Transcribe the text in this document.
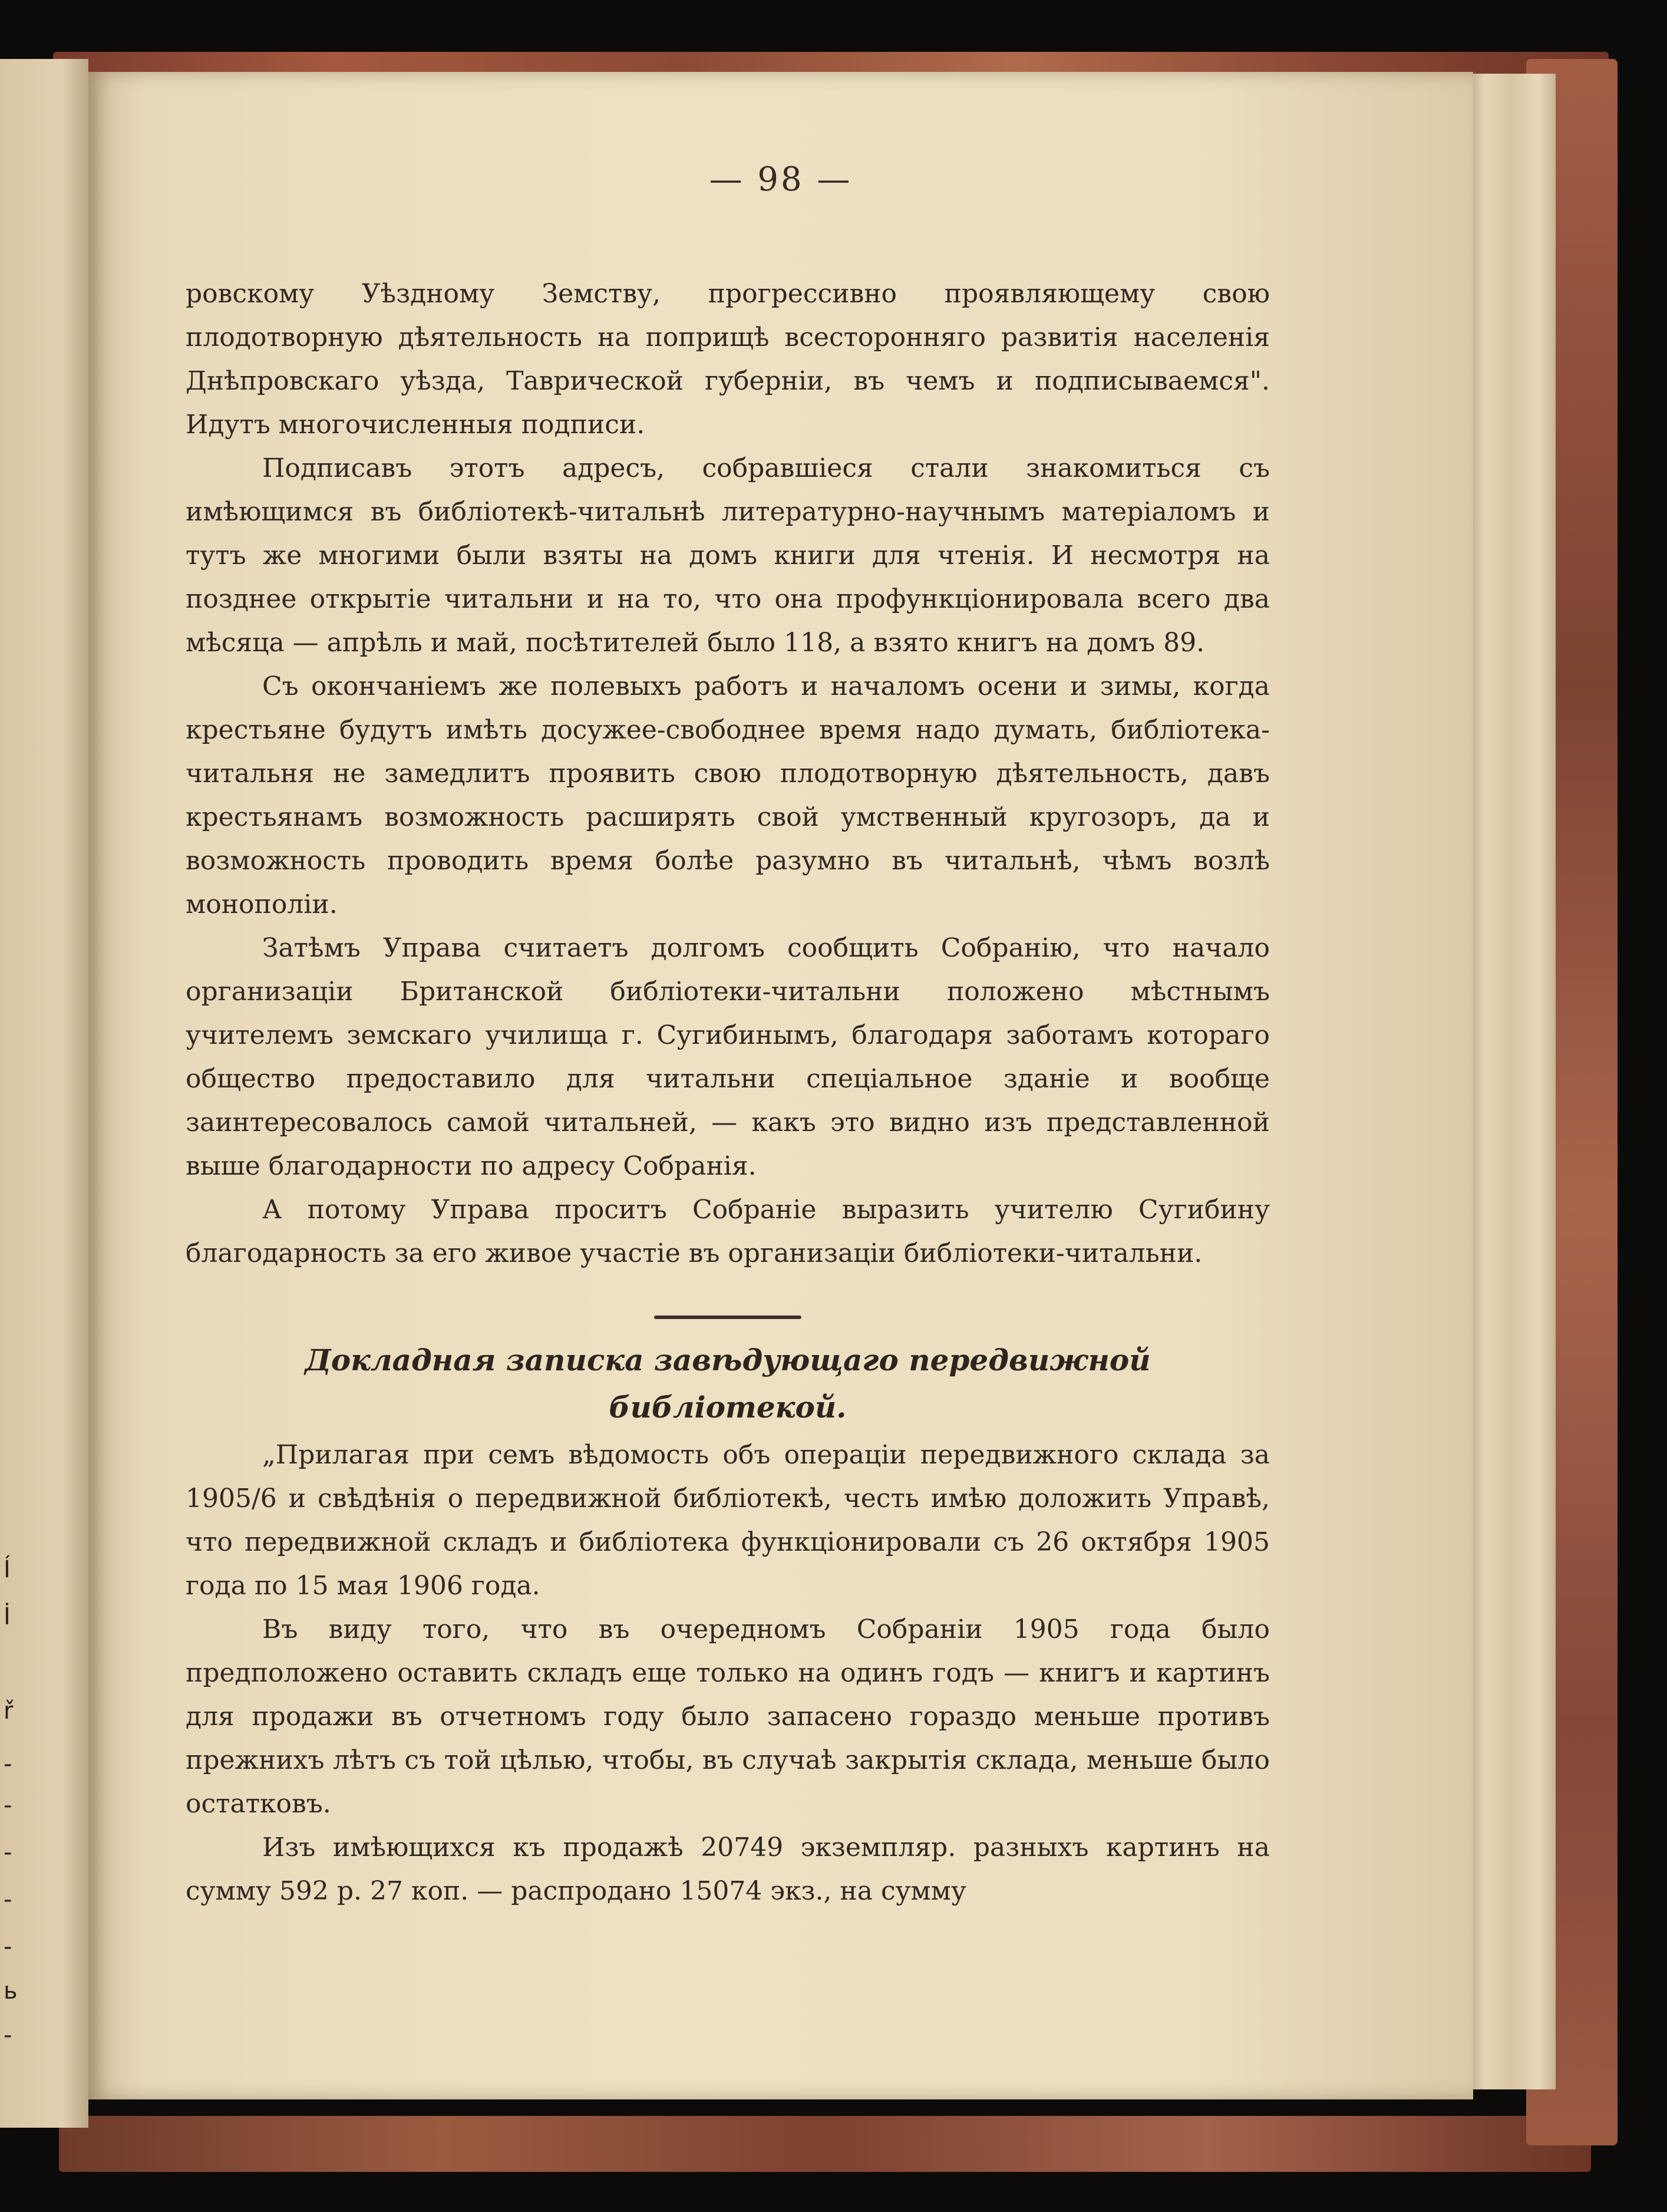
Í
İ
ř
-
-
-
-
-
ь
-
— 98 —

ровскому Уѣздному Земству, прогрессивно проявляющему свою плодотворную дѣятельность на поприщѣ всесторонняго развитія населенія Днѣпровскаго уѣзда, Таврической губерніи, въ чемъ и подписываемся". Идутъ многочисленныя подписи.

Подписавъ этотъ адресъ, собравшіеся стали знакомиться съ имѣющимся въ библіотекѣ-читальнѣ литературно-научнымъ матеріаломъ и тутъ же многими были взяты на домъ книги для чтенія. И несмотря на позднее открытіе читальни и на то, что она профункціонировала всего два мѣсяца — апрѣль и май, посѣтителей было 118, а взято книгъ на домъ 89.

Съ окончаніемъ же полевыхъ работъ и началомъ осени и зимы, когда крестьяне будутъ имѣть досужее-свободнее время надо думать, библіотека-читальня не замедлитъ проявить свою плодотворную дѣятельность, давъ крестьянамъ возможность расширять свой умственный кругозоръ, да и возможность проводить время болѣе разумно въ читальнѣ, чѣмъ возлѣ монополіи.

Затѣмъ Управа считаетъ долгомъ сообщить Собранію, что начало организаціи Британской библіотеки-читальни положено мѣстнымъ учителемъ земскаго училища г. Сугибинымъ, благодаря заботамъ котораго общество предоставило для читальни спеціальное зданіе и вообще заинтересовалось самой читальней, — какъ это видно изъ представленной выше благодарности по адресу Собранія.

А потому Управа проситъ Собраніе выразить учителю Сугибину благодарность за его живое участіе въ организаціи библіотеки-читальни.

Докладная записка завѣдующаго передвижной библіотекой.

„Прилагая при семъ вѣдомость объ операціи передвижного склада за 1905/6 и свѣдѣнія о передвижной библіотекѣ, честь имѣю доложить Управѣ, что передвижной складъ и библіотека функціонировали съ 26 октября 1905 года по 15 мая 1906 года.

Въ виду того, что въ очередномъ Собраніи 1905 года было предположено оставить складъ еще только на одинъ годъ — книгъ и картинъ для продажи въ отчетномъ году было запасено гораздо меньше противъ прежнихъ лѣтъ съ той цѣлью, чтобы, въ случаѣ закрытія склада, меньше было остатковъ.

Изъ имѣющихся къ продажѣ 20749 экземпляр. разныхъ картинъ на сумму 592 р. 27 коп. — распродано 15074 экз., на сумму
